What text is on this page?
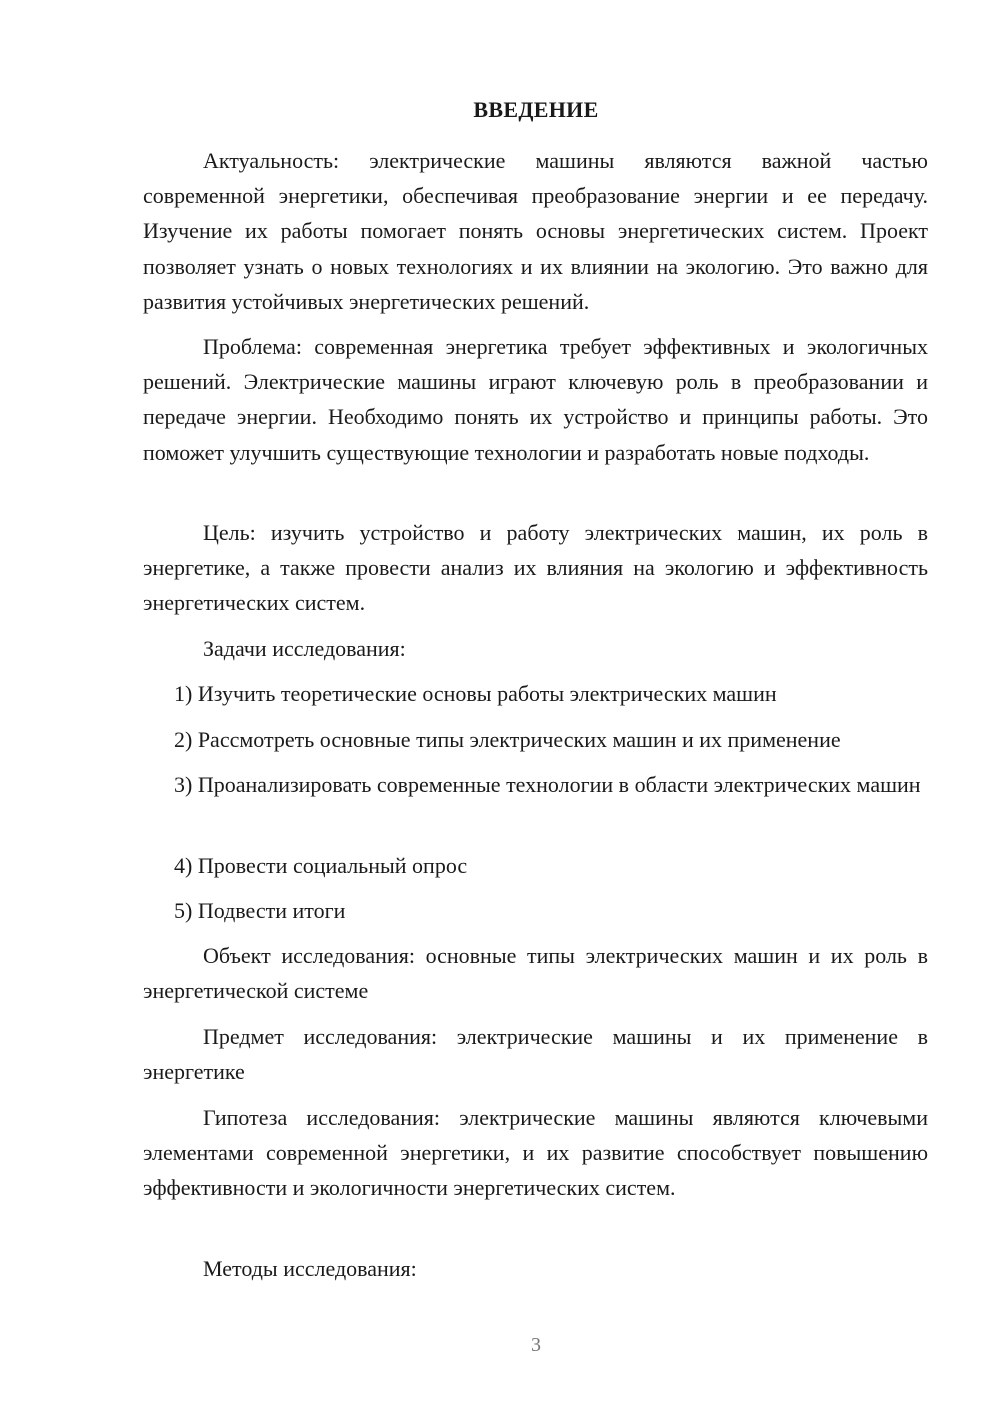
ВВЕДЕНИЕ

Актуальность: электрические машины являются важной частью современной энергетики, обеспечивая преобразование энергии и ее передачу. Изучение их работы помогает понять основы энергетических систем. Проект позволяет узнать о новых технологиях и их влиянии на экологию. Это важно для развития устойчивых энергетических решений.

Проблема: современная энергетика требует эффективных и экологичных решений. Электрические машины играют ключевую роль в преобразовании и передаче энергии. Необходимо понять их устройство и принципы работы. Это поможет улучшить существующие технологии и разработать новые подходы.

Цель: изучить устройство и работу электрических машин, их роль в энергетике, а также провести анализ их влияния на экологию и эффективность энергетических систем.

Задачи исследования:

1) Изучить теоретические основы работы электрических машин

2) Рассмотреть основные типы электрических машин и их применение

3) Проанализировать современные технологии в области электрических машин

4) Провести социальный опрос

5) Подвести итоги

Объект исследования: основные типы электрических машин и их роль в энергетической системе

Предмет исследования: электрические машины и их применение в энергетике

Гипотеза исследования: электрические машины являются ключевыми элементами современной энергетики, и их развитие способствует повышению эффективности и экологичности энергетических систем.

Методы исследования:

3
